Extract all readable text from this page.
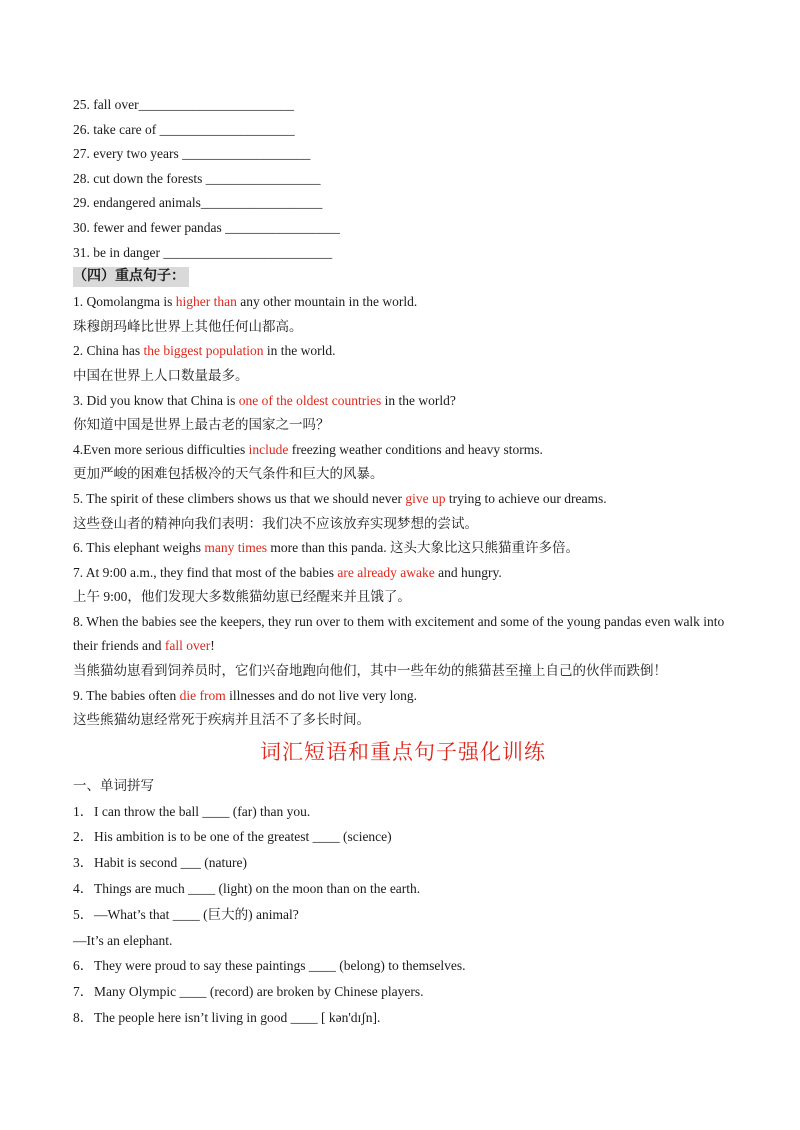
25. fall over_______________________
26. take care of ____________________
27. every two years ___________________
28. cut down the forests _________________
29. endangered animals__________________
30. fewer and fewer pandas _________________
31. be in danger _________________________
（四）重点句子：
1. Qomolangma is higher than any other mountain in the world.
珠穆朗玛峰比世界上其他任何山都高。
2. China has the biggest population in the world.
中国在世界上人口数量最多。
3. Did you know that China is one of the oldest countries in the world?
你知道中国是世界上最古老的国家之一吗？
4.Even more serious difficulties include freezing weather conditions and heavy storms.
更加严峻的困难包括极冷的天气条件和巨大的风暴。
5. The spirit of these climbers shows us that we should never give up trying to achieve our dreams.
这些登山者的精神向我们表明：我们决不应该放弃实现梦想的尝试。
6. This elephant weighs many times more than this panda. 这头大象比这只熊猫重许多倍。
7. At 9:00 a.m., they find that most of the babies are already awake and hungry.
上午 9:00，他们发现大多数熊猫幼崽已经醒来并且饿了。
8. When the babies see the keepers, they run over to them with excitement and some of the young pandas even walk into their friends and fall over!
当熊猫幼崽看到饲养员时，它们兴奋地跑向他们，其中一些年幼的熊猫甚至撞上自己的伙伴而跌倒！
9. The babies often die from illnesses and do not live very long.
这些熊猫幼崽经常死于疾病并且活不了多长时间。
词汇短语和重点句子强化训练
一、单词拼写
1．I can throw the ball ____ (far) than you.
2．His ambition is to be one of the greatest ____ (science)
3．Habit is second ___ (nature)
4．Things are much ____ (light) on the moon than on the earth.
5．—What’s that ____ (巨大的) animal?
—It’s an elephant.
6．They were proud to say these paintings ____ (belong) to themselves.
7．Many Olympic ____ (record) are broken by Chinese players.
8．The people here isn’t living in good ____ [ kən'dɪʃn].
